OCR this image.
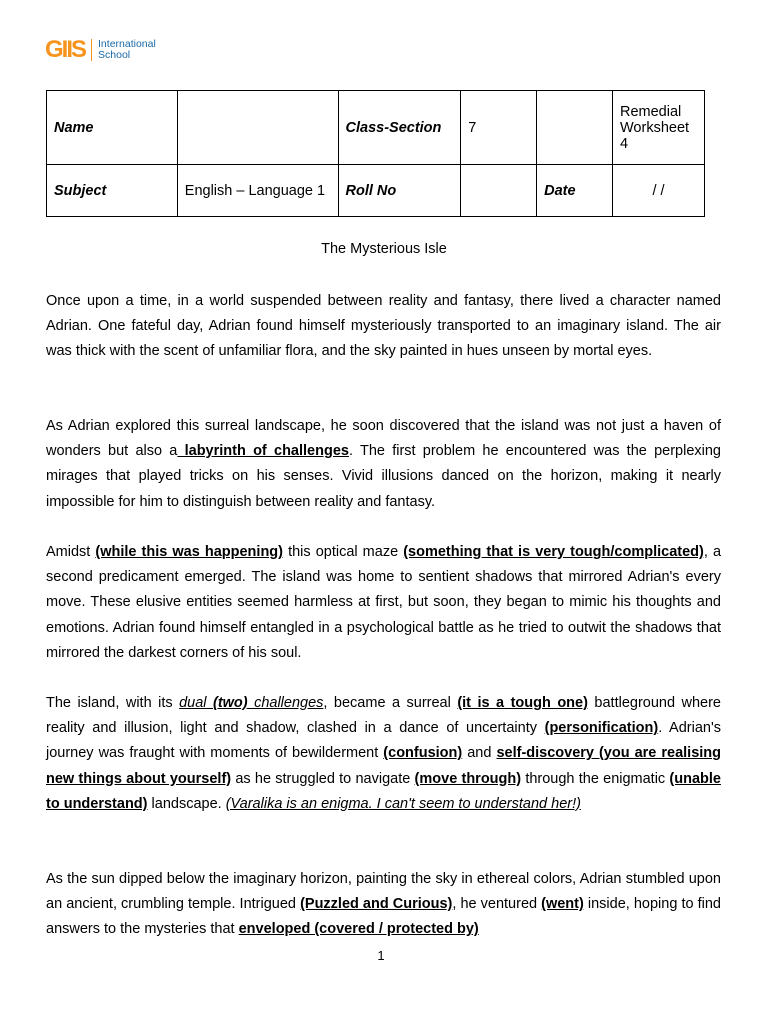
GIIS International
School
Name		Class-Section	7		Remedial Worksheet 4
Subject	English – Language 1	Roll No		Date	/ /
The Mysterious Isle

Once upon a time, in a world suspended between reality and fantasy, there lived a character named Adrian. One fateful day, Adrian found himself mysteriously transported to an imaginary island. The air was thick with the scent of unfamiliar flora, and the sky painted in hues unseen by mortal eyes.

As Adrian explored this surreal landscape, he soon discovered that the island was not just a haven of wonders but also a labyrinth of challenges. The first problem he encountered was the perplexing mirages that played tricks on his senses. Vivid illusions danced on the horizon, making it nearly impossible for him to distinguish between reality and fantasy.

Amidst (while this was happening) this optical maze (something that is very tough/complicated), a second predicament emerged. The island was home to sentient shadows that mirrored Adrian's every move. These elusive entities seemed harmless at first, but soon, they began to mimic his thoughts and emotions. Adrian found himself entangled in a psychological battle as he tried to outwit the shadows that mirrored the darkest corners of his soul.

The island, with its dual (two) challenges, became a surreal (it is a tough one) battleground where reality and illusion, light and shadow, clashed in a dance of uncertainty (personification). Adrian's journey was fraught with moments of bewilderment (confusion) and self-discovery (you are realising new things about yourself) as he struggled to navigate (move through) through the enigmatic (unable to understand) landscape. (Varalika is an enigma. I can't seem to understand her!)

As the sun dipped below the imaginary horizon, painting the sky in ethereal colors, Adrian stumbled upon an ancient, crumbling temple. Intrigued (Puzzled and Curious), he ventured (went) inside, hoping to find answers to the mysteries that enveloped (covered / protected by)

1
